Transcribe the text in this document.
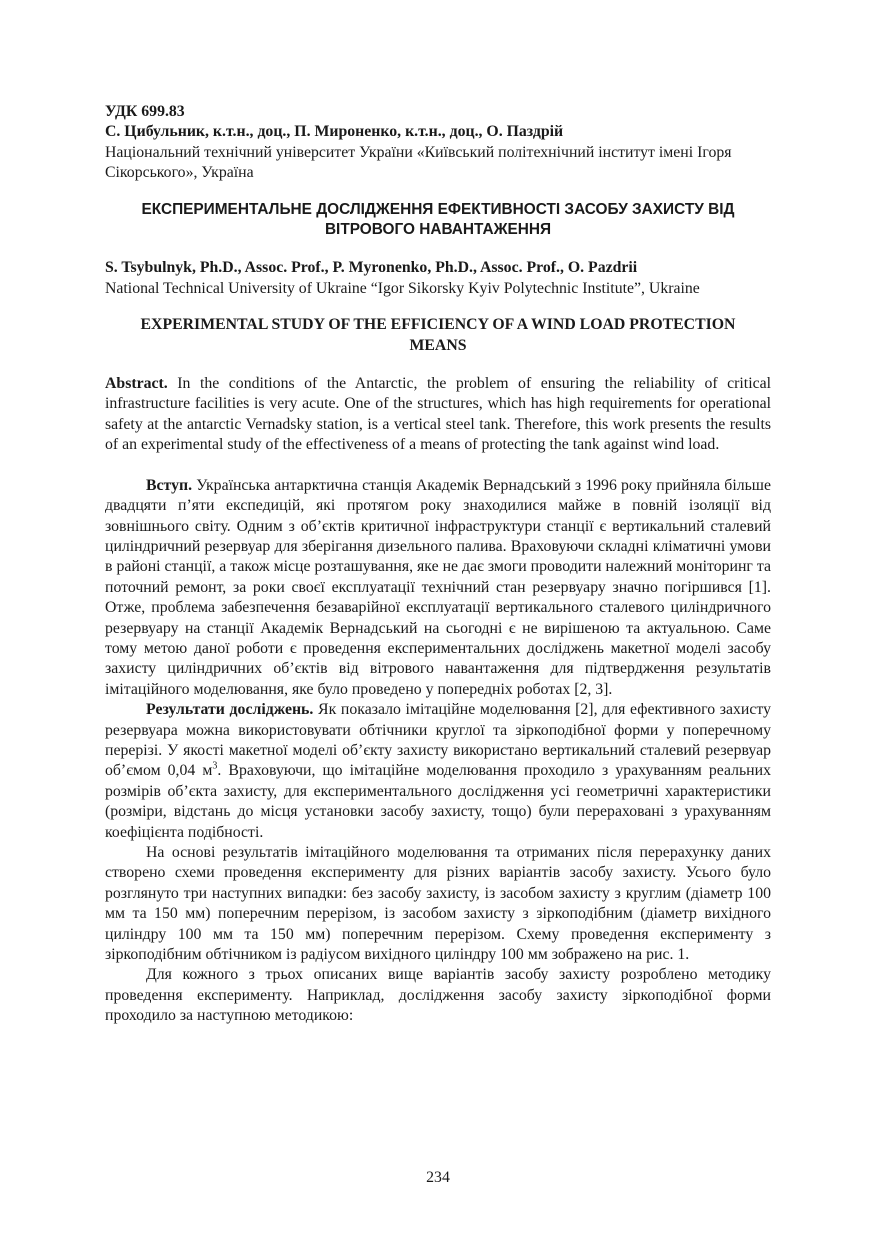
УДК 699.83
С. Цибульник, к.т.н., доц., П. Мироненко, к.т.н., доц., О. Паздрій
Національний технічний університет України «Київський політехнічний інститут імені Ігоря Сікорського», Україна
ЕКСПЕРИМЕНТАЛЬНЕ ДОСЛІДЖЕННЯ ЕФЕКТИВНОСТІ ЗАСОБУ ЗАХИСТУ ВІД ВІТРОВОГО НАВАНТАЖЕННЯ
S. Tsybulnyk, Ph.D., Assoc. Prof., P. Myronenko, Ph.D., Assoc. Prof., O. Pazdrii
National Technical University of Ukraine “Igor Sikorsky Kyiv Polytechnic Institute”, Ukraine
EXPERIMENTAL STUDY OF THE EFFICIENCY OF A WIND LOAD PROTECTION MEANS

Abstract. In the conditions of the Antarctic, the problem of ensuring the reliability of critical infrastructure facilities is very acute. One of the structures, which has high requirements for operational safety at the antarctic Vernadsky station, is a vertical steel tank. Therefore, this work presents the results of an experimental study of the effectiveness of a means of protecting the tank against wind load.

Вступ. Українська антарктична станція Академік Вернадський з 1996 року прийняла більше двадцяти п’яти експедицій, які протягом року знаходилися майже в повній ізоляції від зовнішнього світу. Одним з об’єктів критичної інфраструктури станції є вертикальний сталевий циліндричний резервуар для зберігання дизельного палива. Враховуючи складні кліматичні умови в районі станції, а також місце розташування, яке не дає змоги проводити належний моніторинг та поточний ремонт, за роки своєї експлуатації технічний стан резервуару значно погіршився [1]. Отже, проблема забезпечення безаварійної експлуатації вертикального сталевого циліндричного резервуару на станції Академік Вернадський на сьогодні є не вирішеною та актуальною. Саме тому метою даної роботи є проведення експериментальних досліджень макетної моделі засобу захисту циліндричних об’єктів від вітрового навантаження для підтвердження результатів імітаційного моделювання, яке було проведено у попередніх роботах [2, 3].

Результати досліджень. Як показало імітаційне моделювання [2], для ефективного захисту резервуара можна використовувати обтічники круглої та зіркоподібної форми у поперечному перерізі. У якості макетної моделі об’єкту захисту використано вертикальний сталевий резервуар об’ємом 0,04 $м^3$. Враховуючи, що імітаційне моделювання проходило з урахуванням реальних розмірів об’єкта захисту, для експериментального дослідження усі геометричні характеристики (розміри, відстань до місця установки засобу захисту, тощо) були перераховані з урахуванням коефіцієнта подібності.

На основі результатів імітаційного моделювання та отриманих після перерахунку даних створено схеми проведення експерименту для різних варіантів засобу захисту. Усього було розглянуто три наступних випадки: без засобу захисту, із засобом захисту з круглим (діаметр 100 мм та 150 мм) поперечним перерізом, із засобом захисту з зіркоподібним (діаметр вихідного циліндру 100 мм та 150 мм) поперечним перерізом. Схему проведення експерименту з зіркоподібним обтічником із радіусом вихідного циліндру 100 мм зображено на рис. 1.

Для кожного з трьох описаних вище варіантів засобу захисту розроблено методику проведення експерименту. Наприклад, дослідження засобу захисту зіркоподібної форми проходило за наступною методикою:

234
